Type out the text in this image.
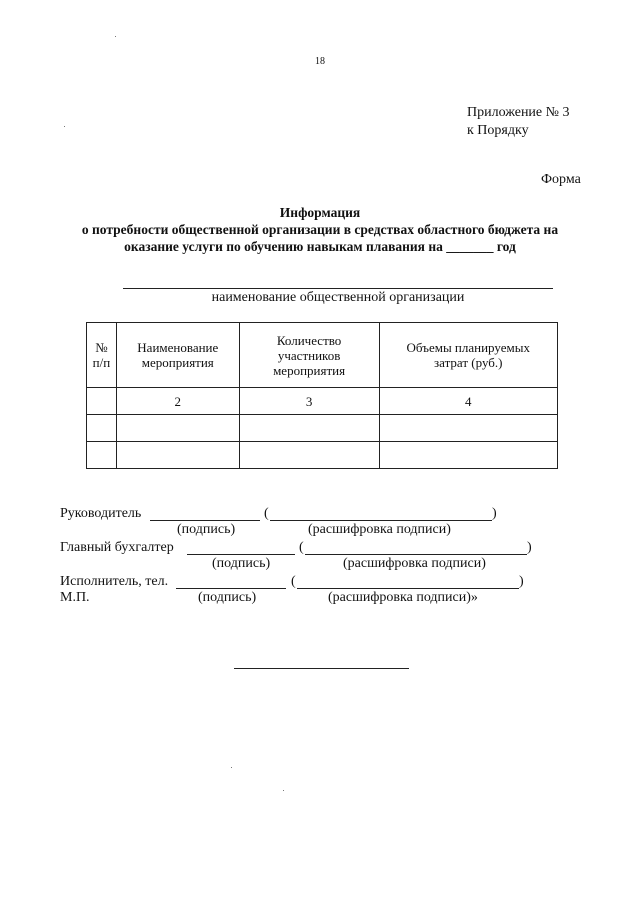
18
Приложение № 3
к Порядку
Форма
Информация
о потребности общественной организации в средствах областного бюджета на
оказание услуги по обучению навыкам плавания на _______ год
наименование общественной организации
№ п/п	Наименование мероприятия	Количество участников мероприятия	Объемы планируемых затрат (руб.)
	2	3	4

Руководитель	(	)
(подпись)	(расшифровка подписи)
Главный бухгалтер	(	)
(подпись)	(расшифровка подписи)
Исполнитель, тел.	(	)
М.П.	(подпись)	(расшифровка подписи)»
